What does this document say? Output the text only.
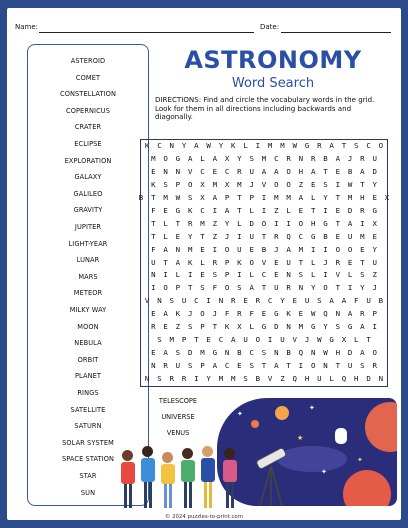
Name:	Date:
ASTEROID
COMET
CONSTELLATION
COPERNICUS
CRATER
ECLIPSE
EXPLORATION
GALAXY
GALILEO
GRAVITY
JUPITER
LIGHT-YEAR
LUNAR
MARS
METEOR
MILKY WAY
MOON
NEBULA
ORBIT
PLANET
RINGS
SATELLITE
SATURN
SOLAR SYSTEM
SPACE STATION
STAR
SUN
ASTRONOMY
Word Search
DIRECTIONS: Find and circle the vocabulary words in the grid. Look for them in all directions including backwards and diagonally.
K	C	N	Y	A	W	Y	K	L	I	M	M	W	G	R	A	T	S	C	O
M	O	G	A	L	A	X	Y	S	M	C	R	N	R	B	A	J	R	U
E	N	N	V	C	E	C	R	U	A	A	O	H	A	T	E	B	A	D
K	S	P	O	X	M	X	M	J	V	O	O	Z	E	S	I	W	T	Y
B	T	M	W	S	X	A	P	T	P	I	M	M	A	L	Y	T	M	H	E	X
F	E	G	K	C	I	A	T	L	I	Z	L	E	T	I	E	D	R	G
T	L	T	R	M	Z	Y	L	D	O	I	I	O	H	G	T	A	I	X
T	L	E	Y	T	Z	J	I	U	T	R	Q	C	G	B	E	U	M	E
F	A	N	M	E	I	O	U	E	B	J	A	M	I	I	O	O	E	Y
U	T	A	K	L	R	P	K	O	V	E	U	T	L	J	R	E	T	U
N	I	L	I	E	S	P	I	L	C	E	N	S	L	I	V	L	S	Z
I	O	P	T	S	F	O	S	A	T	U	R	N	Y	O	T	I	Y	J
V	N	S	U	C	I	N	R	E	R	C	Y	E	U	S	A	A	F	U	B
E	A	K	J	O	J	F	R	F	E	G	K	E	W	Q	N	A	R	P
R	E	Z	S	P	T	K	X	L	G	D	N	M	G	Y	S	G	A	I
S	M	P	T	E	C	A	U	O	I	U	V	J	W	G	X	L	T
E	A	S	D	M	G	N	B	C	S	N	B	Q	N	W	H	D	A	O
N	R	U	S	P	A	C	E	S	T	A	T	I	O	N	T	U	S	R
N	S	R	R	I	Y	M	M	S	B	V	Z	Q	H	U	L	Q	H	D	N
TELESCOPE
UNIVERSE
VENUS
✦
✦
★
✦
✦
© 2024 puzzles-to-print.com
